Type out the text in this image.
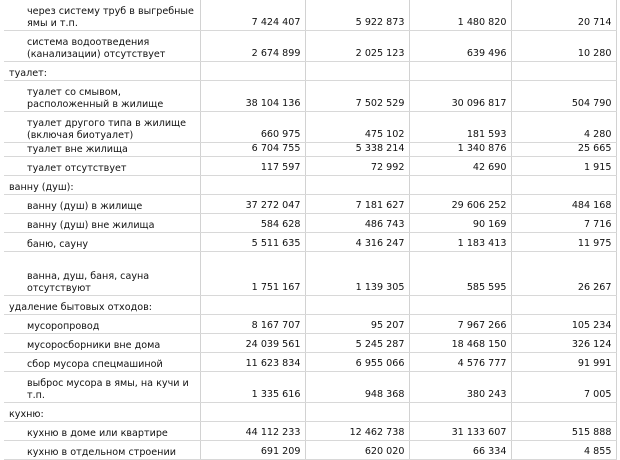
через систему труб в выгребные ямы и т.п.	7 424 407	5 922 873	1 480 820	20 714

система водоотведения (канализации) отсутствует	2 674 899	2 025 123	639 496	10 280

туалет:				

туалет со смывом, расположенный в жилище	38 104 136	7 502 529	30 096 817	504 790

туалет другого типа в жилище (включая биотуалет)	660 975	475 102	181 593	4 280

туалет вне жилища	6 704 755	5 338 214	1 340 876	25 665

туалет отсутствует	117 597	72 992	42 690	1 915

ванну (душ):				

ванну (душ) в жилище	37 272 047	7 181 627	29 606 252	484 168

ванну (душ) вне жилища	584 628	486 743	90 169	7 716

баню, сауну	5 511 635	4 316 247	1 183 413	11 975

ванна, душ, баня, сауна отсутствуют	1 751 167	1 139 305	585 595	26 267

удаление бытовых отходов:				

мусоропровод	8 167 707	95 207	7 967 266	105 234

мусоросборники вне дома	24 039 561	5 245 287	18 468 150	326 124

сбор мусора спецмашиной	11 623 834	6 955 066	4 576 777	91 991

выброс мусора в ямы, на кучи и т.п.	1 335 616	948 368	380 243	7 005

кухню:				

кухню в доме или квартире	44 112 233	12 462 738	31 133 607	515 888

кухню в отдельном строении	691 209	620 020	66 334	4 855
